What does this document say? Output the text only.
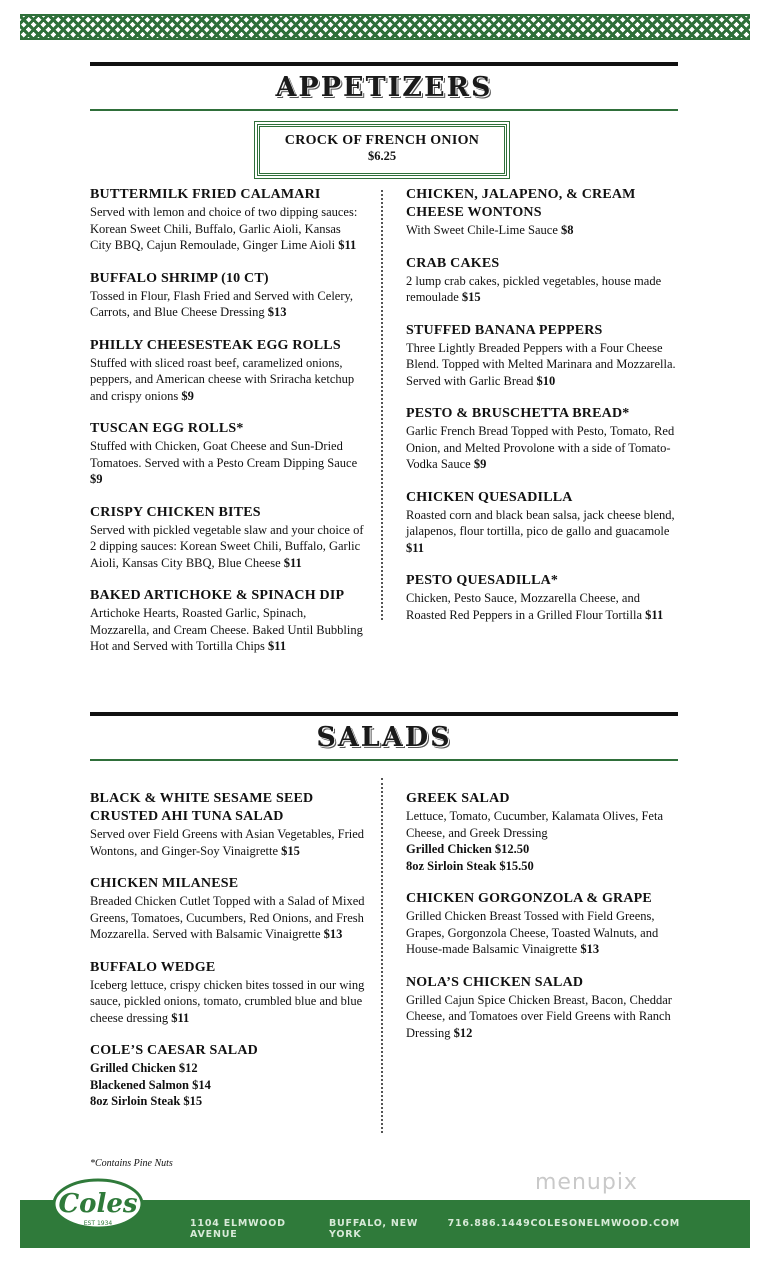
APPETIZERS
CROCK OF FRENCH ONION
$6.25
BUTTERMILK FRIED CALAMARI
Served with lemon and choice of two dipping sauces: Korean Sweet Chili, Buffalo, Garlic Aioli, Kansas City BBQ, Cajun Remoulade, Ginger Lime Aioli $11
BUFFALO SHRIMP (10 CT)
Tossed in Flour, Flash Fried and Served with Celery, Carrots, and Blue Cheese Dressing $13
PHILLY CHEESESTEAK EGG ROLLS
Stuffed with sliced roast beef, caramelized onions, peppers, and American cheese with Sriracha ketchup and crispy onions $9
TUSCAN EGG ROLLS*
Stuffed with Chicken, Goat Cheese and Sun-Dried Tomatoes. Served with a Pesto Cream Dipping Sauce $9
CRISPY CHICKEN BITES
Served with pickled vegetable slaw and your choice of 2 dipping sauces: Korean Sweet Chili, Buffalo, Garlic Aioli, Kansas City BBQ, Blue Cheese $11
BAKED ARTICHOKE & SPINACH DIP
Artichoke Hearts, Roasted Garlic, Spinach, Mozzarella, and Cream Cheese. Baked Until Bubbling Hot and Served with Tortilla Chips $11
CHICKEN, JALAPENO, & CREAM CHEESE WONTONS
With Sweet Chile-Lime Sauce $8
CRAB CAKES
2 lump crab cakes, pickled vegetables, house made remoulade $15
STUFFED BANANA PEPPERS
Three Lightly Breaded Peppers with a Four Cheese Blend. Topped with Melted Marinara and Mozzarella. Served with Garlic Bread $10
PESTO & BRUSCHETTA BREAD*
Garlic French Bread Topped with Pesto, Tomato, Red Onion, and Melted Provolone with a side of Tomato-Vodka Sauce $9
CHICKEN QUESADILLA
Roasted corn and black bean salsa, jack cheese blend, jalapenos, flour tortilla, pico de gallo and guacamole $11
PESTO QUESADILLA*
Chicken, Pesto Sauce, Mozzarella Cheese, and Roasted Red Peppers in a Grilled Flour Tortilla $11
SALADS
BLACK & WHITE SESAME SEED CRUSTED AHI TUNA SALAD
Served over Field Greens with Asian Vegetables, Fried Wontons, and Ginger-Soy Vinaigrette $15
CHICKEN MILANESE
Breaded Chicken Cutlet Topped with a Salad of Mixed Greens, Tomatoes, Cucumbers, Red Onions, and Fresh Mozzarella. Served with Balsamic Vinaigrette $13
BUFFALO WEDGE
Iceberg lettuce, crispy chicken bites tossed in our wing sauce, pickled onions, tomato, crumbled blue and blue cheese dressing $11
COLE’S CAESAR SALAD
Grilled Chicken $12
Blackened Salmon $14
8oz Sirloin Steak $15
GREEK SALAD
Lettuce, Tomato, Cucumber, Kalamata Olives, Feta Cheese, and Greek Dressing
Grilled Chicken $12.50
8oz Sirloin Steak $15.50
CHICKEN GORGONZOLA & GRAPE
Grilled Chicken Breast Tossed with Field Greens, Grapes, Gorgonzola Cheese, Toasted Walnuts, and House-made Balsamic Vinaigrette $13
NOLA’S CHICKEN SALAD
Grilled Cajun Spice Chicken Breast, Bacon, Cheddar Cheese, and Tomatoes over Field Greens with Ranch Dressing $12
*Contains Pine Nuts
menupix
Coles
EST 1934	1104 ELMWOOD AVENUE
BUFFALO, NEW YORK
716.886.1449 COLESONELMWOOD.COM
